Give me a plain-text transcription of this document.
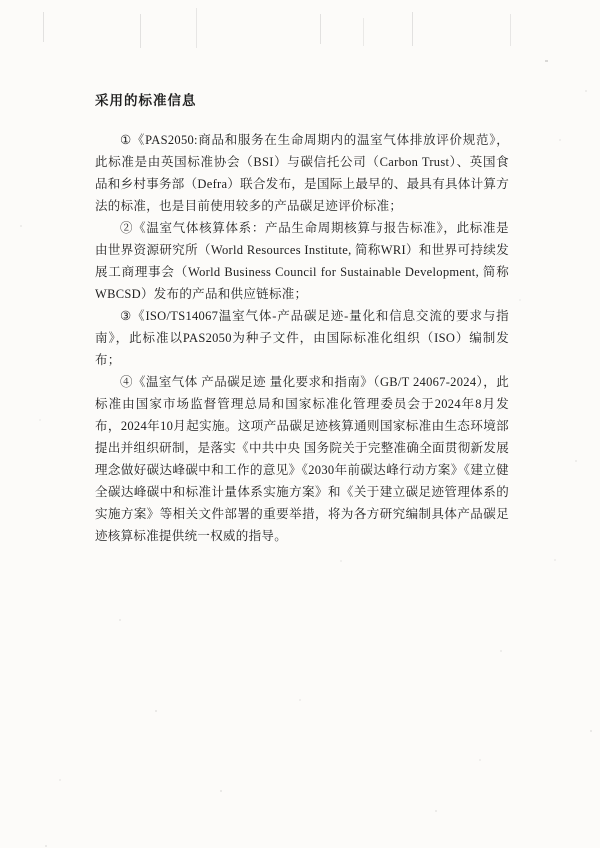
采用的标准信息

①《PAS2050:商品和服务在生命周期内的温室气体排放评价规范》，此标准是由英国标准协会（BSI）与碳信托公司（Carbon Trust）、英国食品和乡村事务部（Defra）联合发布，是国际上最早的、最具有具体计算方法的标准，也是目前使用较多的产品碳足迹评价标准；

②《温室气体核算体系：产品生命周期核算与报告标准》，此标准是由世界资源研究所（World Resources Institute, 简称WRI）和世界可持续发展工商理事会（World Business Council for Sustainable Development, 简称WBCSD）发布的产品和供应链标准；

③《ISO/TS14067温室气体-产品碳足迹-量化和信息交流的要求与指南》，此标准以PAS2050为种子文件，由国际标准化组织（ISO）编制发布；

④《温室气体 产品碳足迹 量化要求和指南》（GB/T 24067-2024），此标准由国家市场监督管理总局和国家标准化管理委员会于2024年8月发布，2024年10月起实施。这项产品碳足迹核算通则国家标准由生态环境部提出并组织研制，是落实《中共中央 国务院关于完整准确全面贯彻新发展理念做好碳达峰碳中和工作的意见》《2030年前碳达峰行动方案》《建立健全碳达峰碳中和标准计量体系实施方案》和《关于建立碳足迹管理体系的实施方案》等相关文件部署的重要举措，将为各方研究编制具体产品碳足迹核算标准提供统一权威的指导。
